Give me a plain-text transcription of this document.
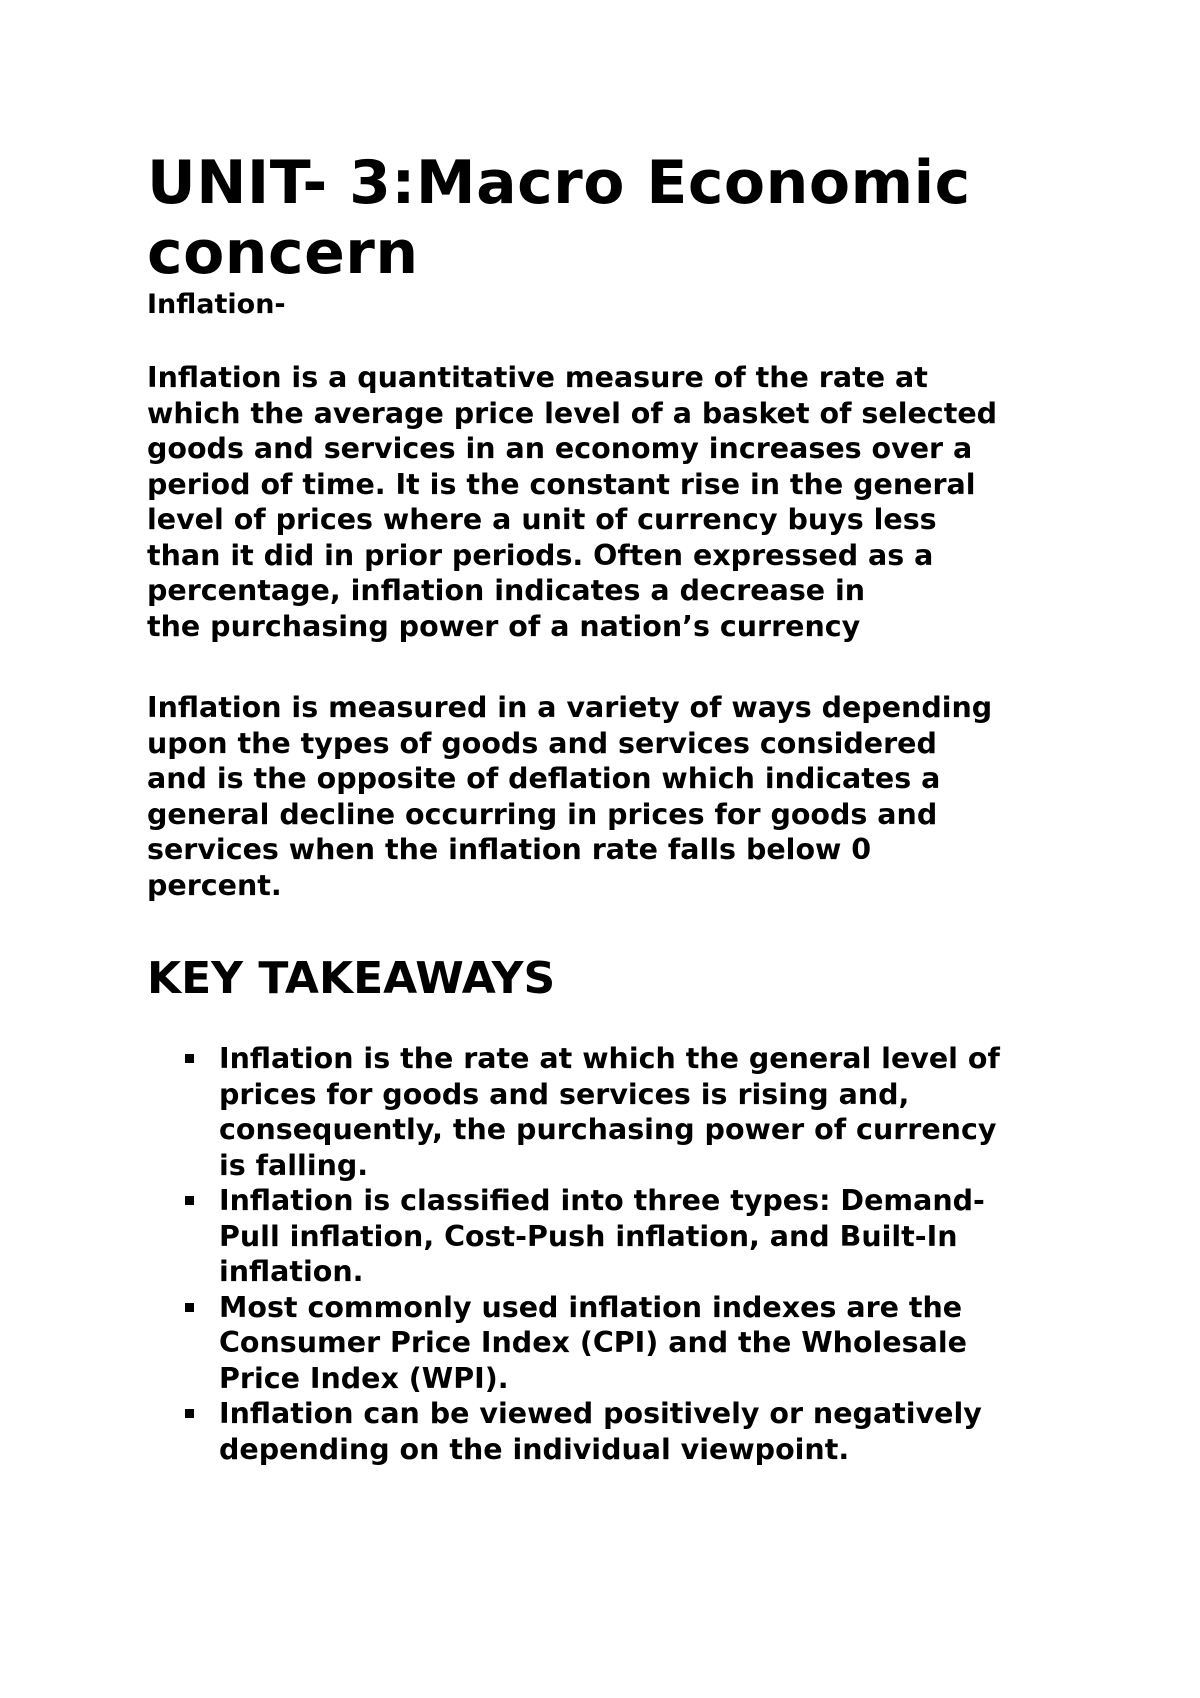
UNIT- 3:Macro Economic
concern
Inflation-

Inflation is a quantitative measure of the rate at
which the average price level of a basket of selected
goods and services in an economy increases over a
period of time. It is the constant rise in the general
level of prices where a unit of currency buys less
than it did in prior periods. Often expressed as a
percentage, inflation indicates a decrease in
the purchasing power of a nation’s currency

Inflation is measured in a variety of ways depending
upon the types of goods and services considered
and is the opposite of deflation which indicates a
general decline occurring in prices for goods and
services when the inflation rate falls below 0
percent.

KEY TAKEAWAYS
Inflation is the rate at which the general level of
prices for goods and services is rising and,
consequently, the purchasing power of currency
is falling.
Inflation is classified into three types: Demand-
Pull inflation, Cost-Push inflation, and Built-In
inflation.
Most commonly used inflation indexes are the
Consumer Price Index (CPI) and the Wholesale
Price Index (WPI).
Inflation can be viewed positively or negatively
depending on the individual viewpoint.
